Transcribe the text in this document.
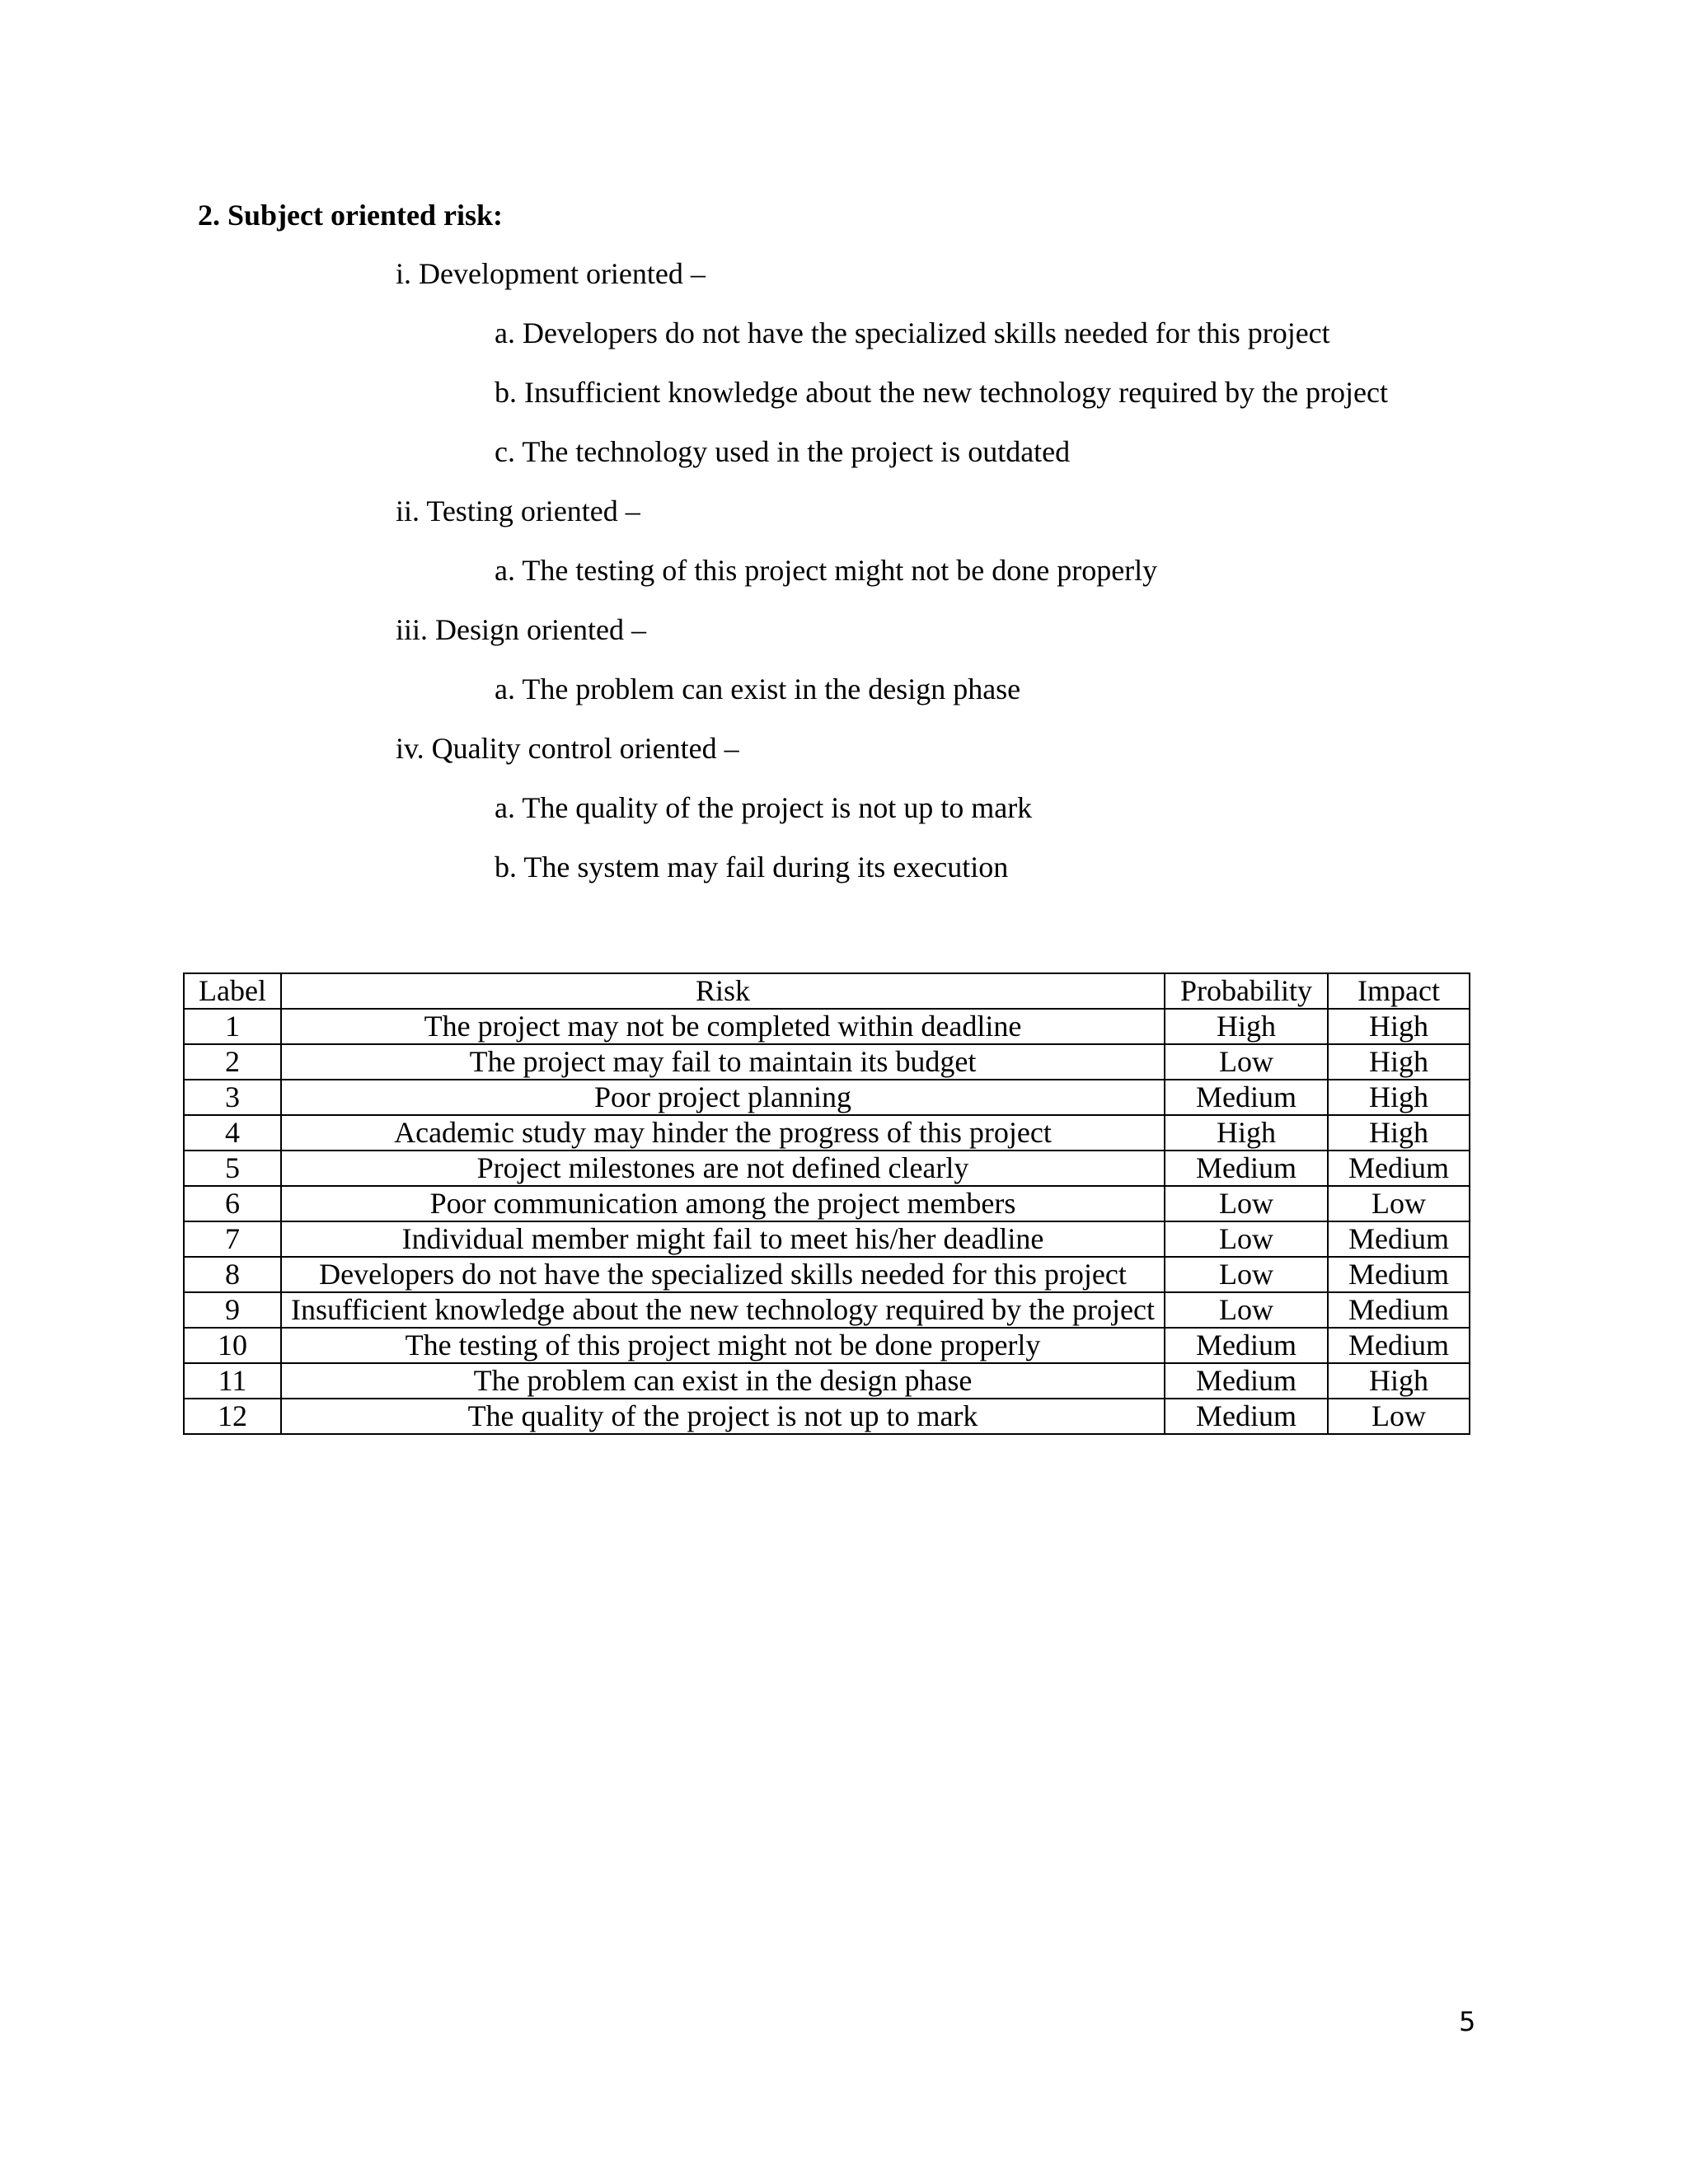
2. Subject oriented risk:
i. Development oriented –
a. Developers do not have the specialized skills needed for this project
b. Insufficient knowledge about the new technology required by the project
c. The technology used in the project is outdated
ii. Testing oriented –
a. The testing of this project might not be done properly
iii. Design oriented –
a. The problem can exist in the design phase
iv. Quality control oriented –
a. The quality of the project is not up to mark
b. The system may fail during its execution
Label	Risk	Probability	Impact
1	The project may not be completed within deadline	High	High
2	The project may fail to maintain its budget	Low	High
3	Poor project planning	Medium	High
4	Academic study may hinder the progress of this project	High	High
5	Project milestones are not defined clearly	Medium	Medium
6	Poor communication among the project members	Low	Low
7	Individual member might fail to meet his/her deadline	Low	Medium
8	Developers do not have the specialized skills needed for this project	Low	Medium
9	Insufficient knowledge about the new technology required by the project	Low	Medium
10	The testing of this project might not be done properly	Medium	Medium
11	The problem can exist in the design phase	Medium	High
12	The quality of the project is not up to mark	Medium	Low
5
